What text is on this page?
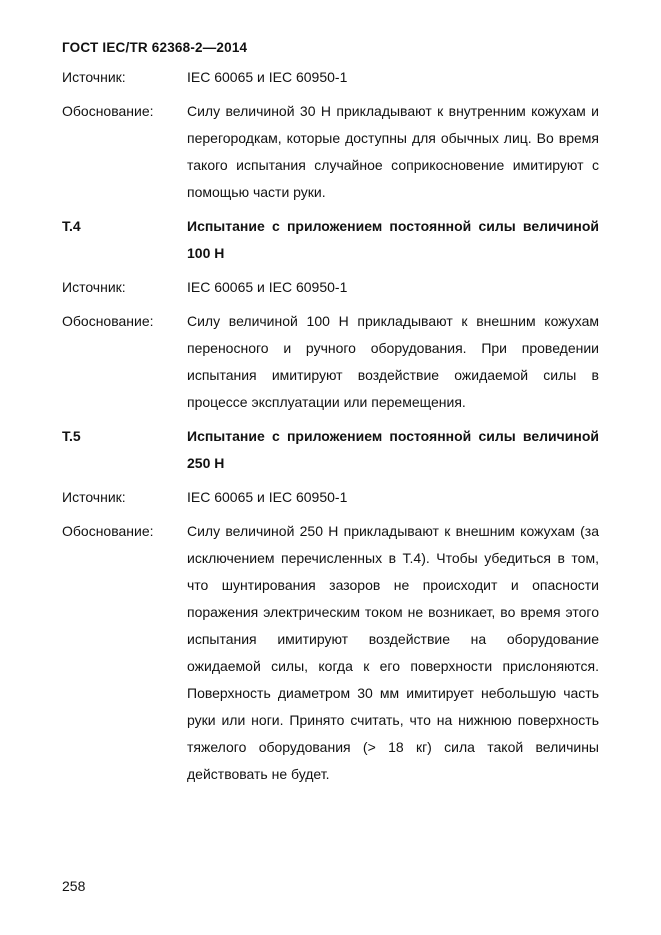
ГОСТ IEC/TR 62368-2—2014
Источник:	IEC 60065 и IEC 60950-1
Обоснование:	Силу величиной 30 Н прикладывают к внутренним кожухам и перегородкам, которые доступны для обычных лиц. Во время такого испытания случайное соприкосновение имитируют с помощью части руки.
Т.4	Испытание с приложением постоянной силы величиной 100 Н
Источник:	IEC 60065 и IEC 60950-1
Обоснование:	Силу величиной 100 Н прикладывают к внешним кожухам переносного и ручного оборудования. При проведении испытания имитируют воздействие ожидаемой силы в процессе эксплуатации или перемещения.
Т.5	Испытание с приложением постоянной силы величиной 250 Н
Источник:	IEC 60065 и IEC 60950-1
Обоснование:	Силу величиной 250 Н прикладывают к внешним кожухам (за исключением перечисленных в Т.4). Чтобы убедиться в том, что шунтирования зазоров не происходит и опасности поражения электрическим током не возникает, во время этого испытания имитируют воздействие на оборудование ожидаемой силы, когда к его поверхности прислоняются. Поверхность диаметром 30 мм имитирует небольшую часть руки или ноги. Принято считать, что на нижнюю поверхность тяжелого оборудования (> 18 кг) сила такой величины действовать не будет.
258
